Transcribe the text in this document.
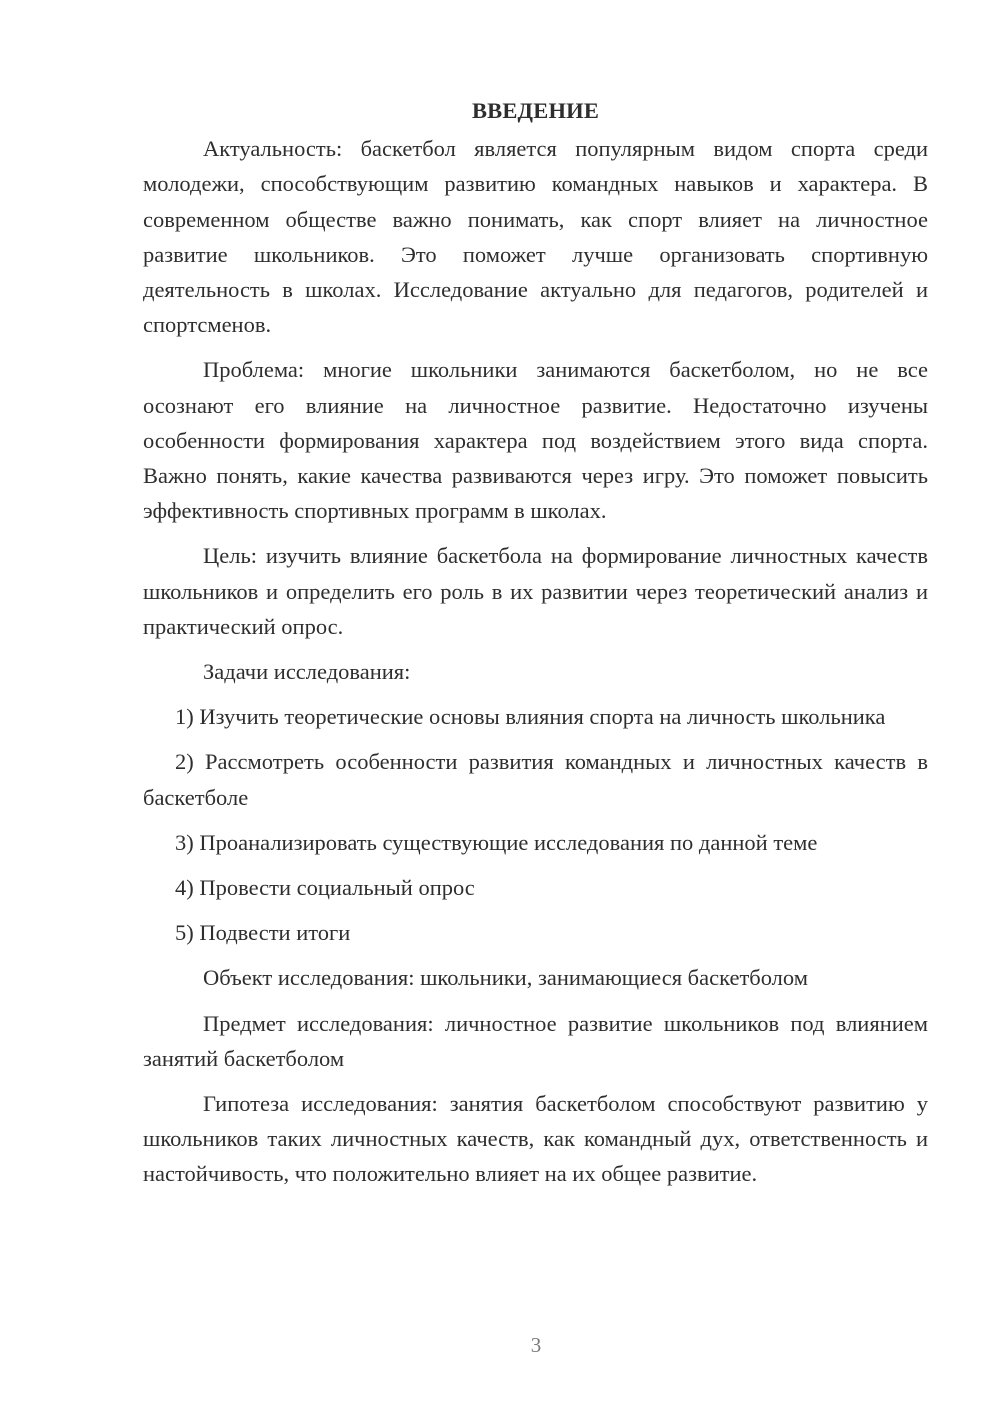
ВВЕДЕНИЕ

Актуальность: баскетбол является популярным видом спорта среди молодежи, способствующим развитию командных навыков и характера. В современном обществе важно понимать, как спорт влияет на личностное развитие школьников. Это поможет лучше организовать спортивную деятельность в школах. Исследование актуально для педагогов, родителей и спортсменов.

Проблема: многие школьники занимаются баскетболом, но не все осознают его влияние на личностное развитие. Недостаточно изучены особенности формирования характера под воздействием этого вида спорта. Важно понять, какие качества развиваются через игру. Это поможет повысить эффективность спортивных программ в школах.

Цель: изучить влияние баскетбола на формирование личностных качеств школьников и определить его роль в их развитии через теоретический анализ и практический опрос.

Задачи исследования:

1) Изучить теоретические основы влияния спорта на личность школьника

2) Рассмотреть особенности развития командных и личностных качеств в баскетболе

3) Проанализировать существующие исследования по данной теме

4) Провести социальный опрос

5) Подвести итоги

Объект исследования: школьники, занимающиеся баскетболом

Предмет исследования: личностное развитие школьников под влиянием занятий баскетболом

Гипотеза исследования: занятия баскетболом способствуют развитию у школьников таких личностных качеств, как командный дух, ответственность и настойчивость, что положительно влияет на их общее развитие.

3
